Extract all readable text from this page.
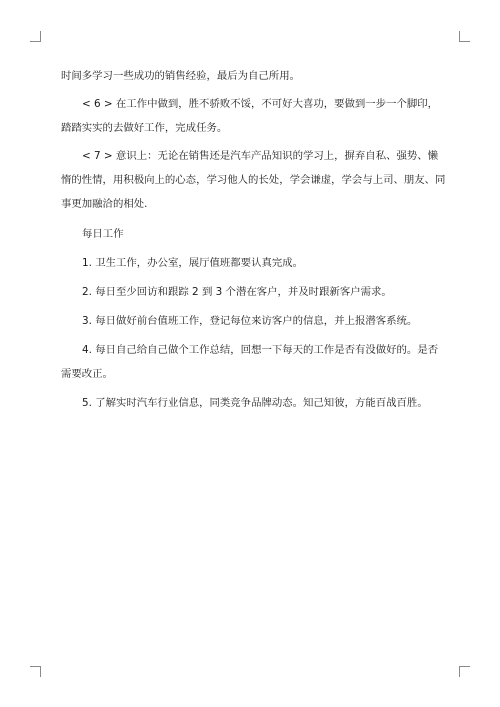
时间多学习一些成功的销售经验，最后为自己所用。

< 6 > 在工作中做到，胜不骄败不馁，不可好大喜功，要做到一步一个脚印，踏踏实实的去做好工作，完成任务。

< 7 > 意识上：无论在销售还是汽车产品知识的学习上，摒弃自私、强势、懒惰的性情，用积极向上的心态，学习他人的长处，学会谦虚，学会与上司、朋友、同事更加融洽的相处.

每日工作

1. 卫生工作，办公室，展厅值班都要认真完成。

2. 每日至少回访和跟踪 2 到 3 个潜在客户，并及时跟新客户需求。

3. 每日做好前台值班工作，登记每位来访客户的信息，并上报潜客系统。

4. 每日自己给自己做个工作总结，回想一下每天的工作是否有没做好的。是否需要改正。

5. 了解实时汽车行业信息，同类竞争品牌动态。知己知彼，方能百战百胜。
